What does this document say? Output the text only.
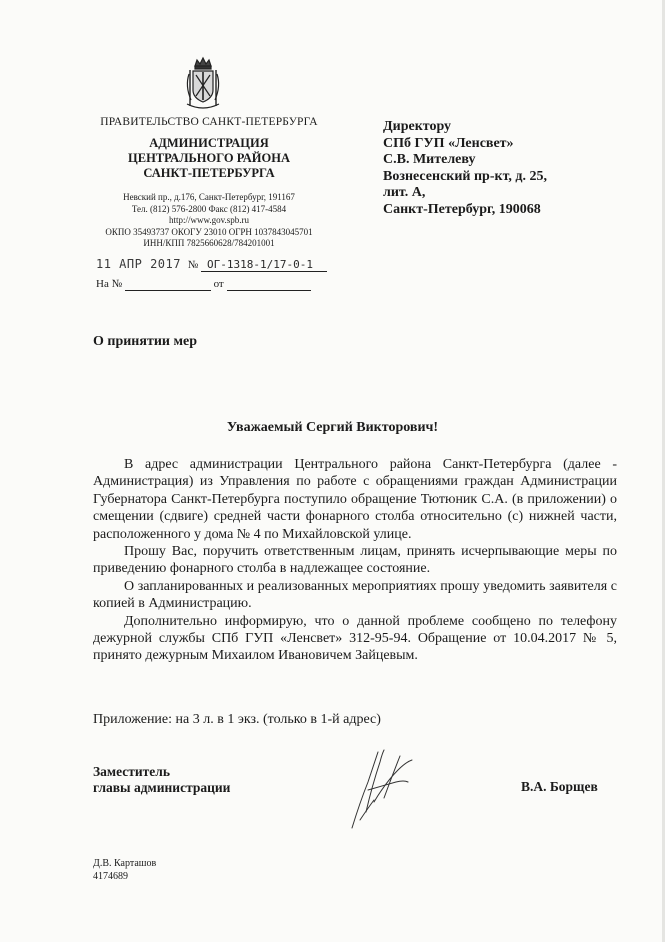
ПРАВИТЕЛЬСТВО САНКТ-ПЕТЕРБУРГА
АДМИНИСТРАЦИЯ
ЦЕНТРАЛЬНОГО РАЙОНА
САНКТ-ПЕТЕРБУРГА
Невский пр., д.176, Санкт-Петербург, 191167
Тел. (812) 576-2800 Факс (812) 417-4584
http://www.gov.spb.ru
ОКПО 35493737 ОКОГУ 23010 ОГРН 1037843045701
ИНН/КПП 7825660628/784201001
11 АПР 2017 № ОГ-1318-1/17-0-1
На №	от
Директору
СПб ГУП «Ленсвет»
С.В. Мителеву
Вознесенский пр-кт, д. 25,
лит. А,
Санкт-Петербург, 190068
О принятии мер
Уважаемый Сергий Викторович!

В адрес администрации Центрального района Санкт-Петербурга (далее - Администрация) из Управления по работе с обращениями граждан Администрации Губернатора Санкт-Петербурга поступило обращение Тютюник С.А. (в приложении) о смещении (сдвиге) средней части фонарного столба относительно (с) нижней части, расположенного у дома № 4 по Михайловской улице.

Прошу Вас, поручить ответственным лицам, принять исчерпывающие меры по приведению фонарного столба в надлежащее состояние.

О запланированных и реализованных мероприятиях прошу уведомить заявителя с копией в Администрацию.

Дополнительно информирую, что о данной проблеме сообщено по телефону дежурной службы СПб ГУП «Ленсвет» 312-95-94. Обращение от 10.04.2017 № 5, принято дежурным Михаилом Ивановичем Зайцевым.

Приложение: на 3 л. в 1 экз. (только в 1-й адрес)
Заместитель
главы администрации	В.А. Борщев
Д.В. Карташов
4174689
